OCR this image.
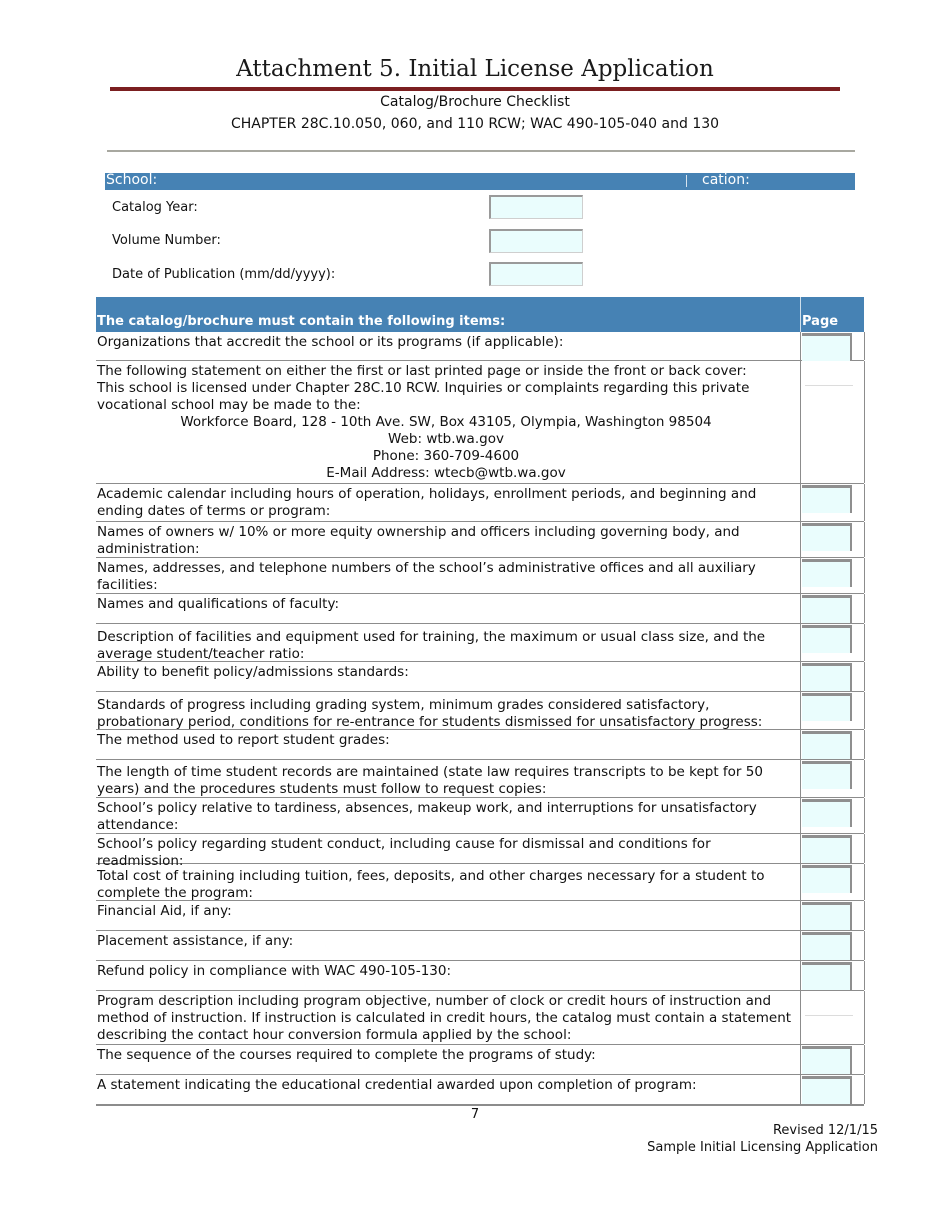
Attachment 5. Initial License Application
Catalog/Brochure Checklist
CHAPTER 28C.10.050, 060, and 110 RCW; WAC 490-105-040 and 130
School:	cation:
Catalog Year:
Volume Number:
Date of Publication (mm/dd/yyyy):
The catalog/brochure must contain the following items:	Page
Organizations that accredit the school or its programs (if applicable):
The following statement on either the first or last printed page or inside the front or back cover:
This school is licensed under Chapter 28C.10 RCW. Inquiries or complaints regarding this private vocational school may be made to the:
Workforce Board, 128 - 10th Ave. SW, Box 43105, Olympia, Washington 98504
Web: wtb.wa.gov
Phone: 360-709-4600
E-Mail Address: wtecb@wtb.wa.gov
Academic calendar including hours of operation, holidays, enrollment periods, and beginning and ending dates of terms or program:
Names of owners w/ 10% or more equity ownership and officers including governing body, and administration:
Names, addresses, and telephone numbers of the school’s administrative offices and all auxiliary facilities:
Names and qualifications of faculty:
Description of facilities and equipment used for training, the maximum or usual class size, and the average student/teacher ratio:
Ability to benefit policy/admissions standards:
Standards of progress including grading system, minimum grades considered satisfactory, probationary period, conditions for re-entrance for students dismissed for unsatisfactory progress:
The method used to report student grades:
The length of time student records are maintained (state law requires transcripts to be kept for 50 years) and the procedures students must follow to request copies:
School’s policy relative to tardiness, absences, makeup work, and interruptions for unsatisfactory attendance:
School’s policy regarding student conduct, including cause for dismissal and conditions for readmission:
Total cost of training including tuition, fees, deposits, and other charges necessary for a student to complete the program:
Financial Aid, if any:
Placement assistance, if any:
Refund policy in compliance with WAC 490-105-130:
Program description including program objective, number of clock or credit hours of instruction and method of instruction. If instruction is calculated in credit hours, the catalog must contain a statement describing the contact hour conversion formula applied by the school:
The sequence of the courses required to complete the programs of study:
A statement indicating the educational credential awarded upon completion of program:
7
Revised 12/1/15
Sample Initial Licensing Application
